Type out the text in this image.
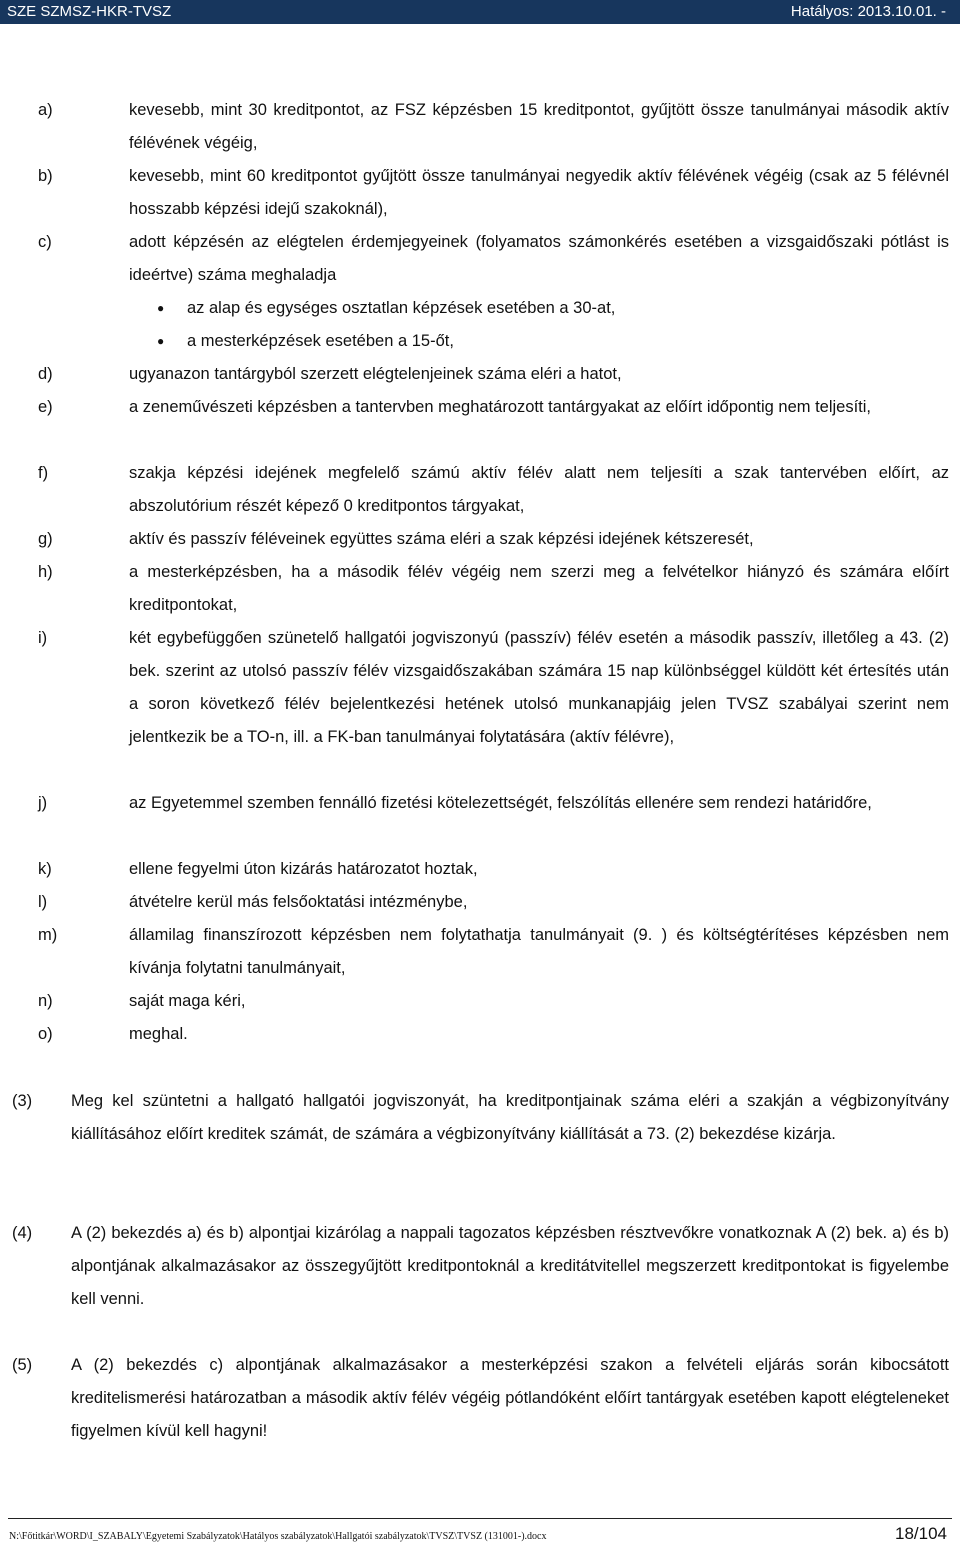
SZE SZMSZ-HKR-TVSZ	Hatályos: 2013.10.01. -
a)	kevesebb, mint 30 kreditpontot, az FSZ képzésben 15 kreditpontot, gyűjtött össze tanulmányai második aktív félévének végéig,
b)	kevesebb, mint 60 kreditpontot gyűjtött össze tanulmányai negyedik aktív félévének végéig (csak az 5 félévnél hosszabb képzési idejű szakoknál),
c)	adott képzésén az elégtelen érdemjegyeinek (folyamatos számonkérés esetében a vizsgaidőszaki pótlást is ideértve) száma meghaladja
● az alap és egységes osztatlan képzések esetében a 30-at,
● a mesterképzések esetében a 15-őt,
d)	ugyanazon tantárgyból szerzett elégtelenjeinek száma eléri a hatot,
e)	a zeneművészeti képzésben a tantervben meghatározott tantárgyakat az előírt időpontig nem teljesíti,
f)	szakja képzési idejének megfelelő számú aktív félév alatt nem teljesíti a szak tantervében előírt, az abszolutórium részét képező 0 kreditpontos tárgyakat,
g)	aktív és passzív féléveinek együttes száma eléri a szak képzési idejének kétszeresét,
h)	a mesterképzésben, ha a második félév végéig nem szerzi meg a felvételkor hiányzó és számára előírt kreditpontokat,
i)	két egybefüggően szünetelő hallgatói jogviszonyú (passzív) félév esetén a második passzív, illetőleg a 43. (2) bek. szerint az utolsó passzív félév vizsgaidőszakában számára 15 nap különbséggel küldött két értesítés után a soron következő félév bejelentkezési hetének utolsó munkanapjáig jelen TVSZ szabályai szerint nem jelentkezik be a TO-n, ill. a FK-ban tanulmányai folytatására (aktív félévre),
j)	az Egyetemmel szemben fennálló fizetési kötelezettségét, felszólítás ellenére sem rendezi határidőre,
k)	ellene fegyelmi úton kizárás határozatot hoztak,
l)	átvételre kerül más felsőoktatási intézménybe,
m)	államilag finanszírozott képzésben nem folytathatja tanulmányait (9. ) és költségtérítéses képzésben nem kívánja folytatni tanulmányait,
n)	saját maga kéri,
o)	meghal.
(3) Meg kel szüntetni a hallgató hallgatói jogviszonyát, ha kreditpontjainak száma eléri a szakján a végbizonyítvány kiállításához előírt kreditek számát, de számára a végbizonyítvány kiállítását a 73. (2) bekezdése kizárja.
(4) A (2) bekezdés a) és b) alpontjai kizárólag a nappali tagozatos képzésben résztvevőkre vonatkoznak A (2) bek. a) és b) alpontjának alkalmazásakor az összegyűjtött kreditpontoknál a kreditátvitellel megszerzett kreditpontokat is figyelembe kell venni.
(5) A (2) bekezdés c) alpontjának alkalmazásakor a mesterképzési szakon a felvételi eljárás során kibocsátott kreditelismerési határozatban a második aktív félév végéig pótlandóként előírt tantárgyak esetében kapott elégteleneket figyelmen kívül kell hagyni!
N:\Főtitkár\WORD\I_SZABALY\Egyetemi Szabályzatok\Hatályos szabályzatok\Hallgatói szabályzatok\TVSZ\TVSZ (131001-).docx	18/104
